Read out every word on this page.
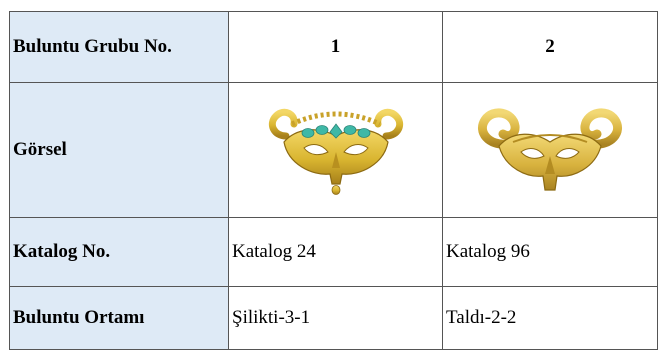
Buluntu Grubu No.	1	2
Görsel	

Katalog No.	Katalog 24	Katalog 96
Buluntu Ortamı	Şilikti-3-1	Taldı-2-2
